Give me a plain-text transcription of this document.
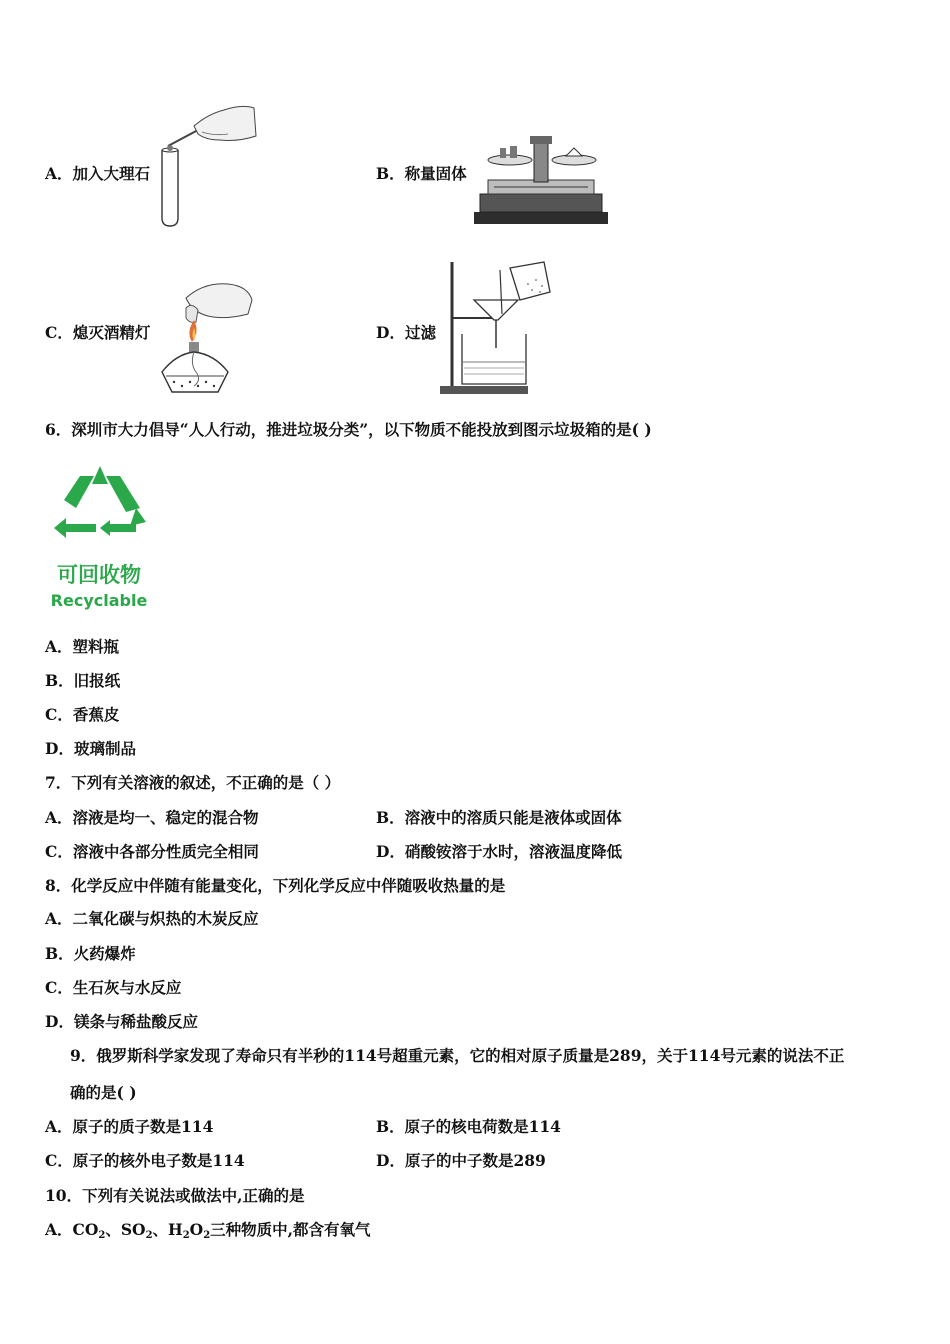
A．加入大理石	B．称量固体
C．熄灭酒精灯	D．过滤
6．深圳市大力倡导“人人行动，推进垃圾分类”，以下物质不能投放到图示垃圾箱的是( )
可回收物
Recyclable
A．塑料瓶
B．旧报纸
C．香蕉皮
D．玻璃制品
7．下列有关溶液的叙述，不正确的是（ ）
A．溶液是均一、稳定的混合物	B．溶液中的溶质只能是液体或固体
C．溶液中各部分性质完全相同	D．硝酸铵溶于水时，溶液温度降低
8．化学反应中伴随有能量变化，下列化学反应中伴随吸收热量的是
A．二氧化碳与炽热的木炭反应
B．火药爆炸
C．生石灰与水反应
D．镁条与稀盐酸反应
9．俄罗斯科学家发现了寿命只有半秒的114号超重元素，它的相对原子质量是289，关于114号元素的说法不正
确的是( )
A．原子的质子数是114	B．原子的核电荷数是114
C．原子的核外电子数是114	D．原子的中子数是289
10．下列有关说法或做法中,正确的是
A．$CO_2$、$SO_2$、$H_2O_2$三种物质中,都含有氧气
